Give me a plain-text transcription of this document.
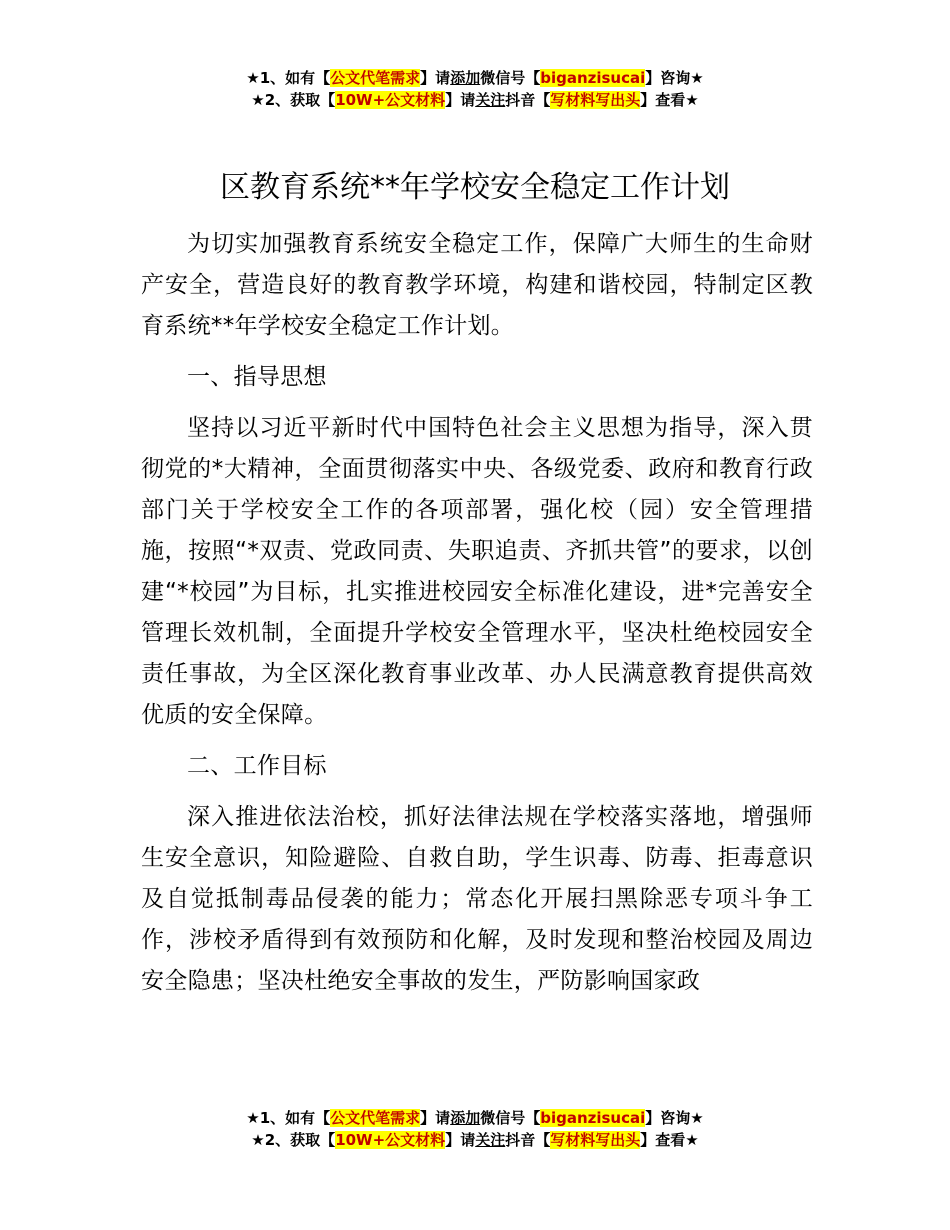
★1、如有【公文代笔需求】请添加微信号【biganzisucai】咨询★
★2、获取【10W+公文材料】请关注抖音【写材料写出头】查看★
区教育系统**年学校安全稳定工作计划

为切实加强教育系统安全稳定工作，保障广大师生的生命财产安全，营造良好的教育教学环境，构建和谐校园，特制定区教育系统**年学校安全稳定工作计划。

一、指导思想

坚持以习近平新时代中国特色社会主义思想为指导，深入贯彻党的*大精神，全面贯彻落实中央、各级党委、政府和教育行政部门关于学校安全工作的各项部署，强化校（园）安全管理措施，按照“*双责、党政同责、失职追责、齐抓共管”的要求，以创建“*校园”为目标，扎实推进校园安全标准化建设，进*完善安全管理长效机制，全面提升学校安全管理水平，坚决杜绝校园安全责任事故，为全区深化教育事业改革、办人民满意教育提供高效优质的安全保障。

二、工作目标

深入推进依法治校，抓好法律法规在学校落实落地，增强师生安全意识，知险避险、自救自助，学生识毒、防毒、拒毒意识及自觉抵制毒品侵袭的能力；常态化开展扫黑除恶专项斗争工作，涉校矛盾得到有效预防和化解，及时发现和整治校园及周边安全隐患；坚决杜绝安全事故的发生，严防影响国家政

★1、如有【公文代笔需求】请添加微信号【biganzisucai】咨询★
★2、获取【10W+公文材料】请关注抖音【写材料写出头】查看★
